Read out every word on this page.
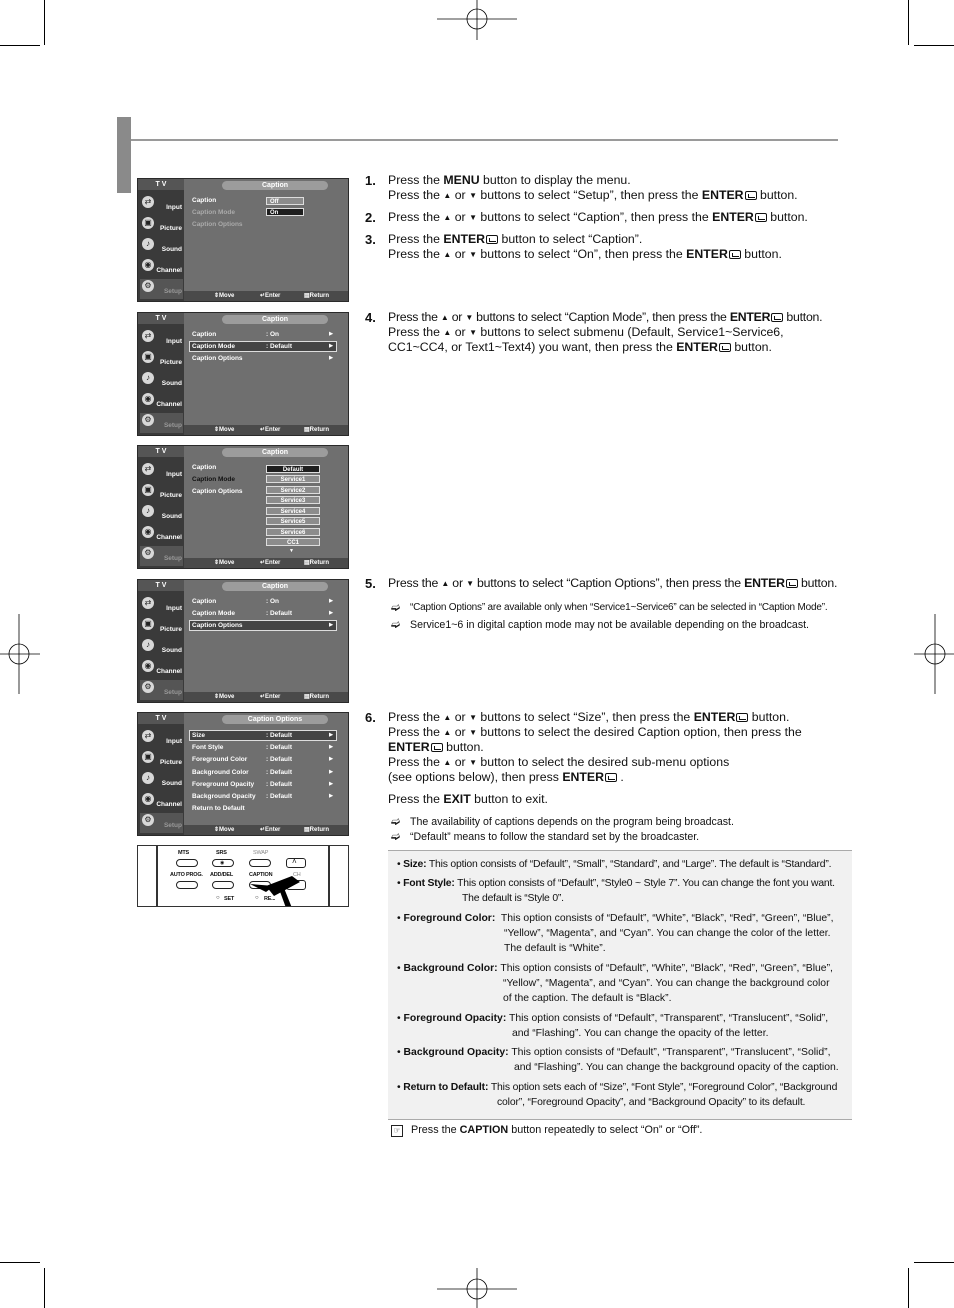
T V	Caption
⇄
Input
▣
Picture
♪
Sound
◉
Channel
⚙
Setup
Caption
Caption Mode
Caption Options
Off
On
⇕Move	↵Enter	▤Return
T V	Caption
⇄
Input
▣
Picture
♪
Sound
◉
Channel
⚙
Setup
Caption	: On	▶
Caption Mode	: Default	▶
Caption Options	▶
⇕Move	↵Enter	▤Return
T V	Caption
⇄
Input
▣
Picture
♪
Sound
◉
Channel
⚙
Setup
Caption
Caption Mode
Caption Options
Default
Service1
Service2
Service3
Service4
Service5
Service6
CC1
▼
⇕Move	↵Enter	▤Return
T V	Caption
⇄
Input
▣
Picture
♪
Sound
◉
Channel
⚙
Setup
Caption	: On	▶
Caption Mode	: Default	▶
Caption Options	▶
⇕Move	↵Enter	▤Return
T V	Caption Options
⇄
Input
▣
Picture
♪
Sound
◉
Channel
⚙
Setup
Size	: Default	▶
Font Style	: Default	▶
Foreground Color	: Default	▶
Background Color	: Default	▶
Foreground Opacity : Default	▶
Background Opacity : Default	▶
Return to Default
⇕Move	↵Enter	▤Return
MTS	SRS	SWAP
◉	˄
AUTO PROG. ADD/DEL	CAPTION	CH
○ SET	○ RE...
1. Press the MENU button to display the menu.
Press the ▲ or ▼ buttons to select “Setup”, then press the ENTER button.
2. Press the ▲ or ▼ buttons to select “Caption”, then press the ENTER button.
3. Press the ENTER button to select “Caption”.
Press the ▲ or ▼ buttons to select “On”, then press the ENTER button.
4. Press the ▲ or ▼ buttons to select “Caption Mode”, then press the ENTER button.
Press the ▲ or ▼ buttons to select submenu (Default, Service1~Service6,
CC1~CC4, or Text1~Text4) you want, then press the ENTER button.
5. Press the ▲ or ▼ buttons to select “Caption Options”, then press the ENTER button.
➫ “Caption Options” are available only when “Service1~Service6” can be selected in “Caption Mode”.
➫ Service1~6 in digital caption mode may not be available depending on the broadcast.
6. Press the ▲ or ▼ buttons to select “Size”, then press the ENTER button.
Press the ▲ or ▼ buttons to select the desired Caption option, then press the
ENTER button.
Press the ▲ or ▼ button to select the desired sub-menu options
(see options below), then press ENTER .
Press the EXIT button to exit.
➫ The availability of captions depends on the program being broadcast.
➫ “Default” means to follow the standard set by the broadcaster.
• Size: This option consists of “Default”, “Small”, “Standard”, and “Large”. The default is “Standard”.
• Font Style: This option consists of “Default”, “Style0 ~ Style 7”. You can change the font you want.
The default is “Style 0”.
• Foreground Color: This option consists of “Default”, “White”, “Black”, “Red”, “Green”, “Blue”,
“Yellow”, “Magenta”, and “Cyan”. You can change the color of the letter.
The default is “White”.
• Background Color: This option consists of “Default”, “White”, “Black”, “Red”, “Green”, “Blue”,
“Yellow”, “Magenta”, and “Cyan”. You can change the background color
of the caption. The default is “Black”.
• Foreground Opacity: This option consists of “Default”, “Transparent”, “Translucent”, “Solid”,
and “Flashing”. You can change the opacity of the letter.
• Background Opacity: This option consists of “Default”, “Transparent”, “Translucent”, “Solid”,
and “Flashing”. You can change the background opacity of the caption.
• Return to Default: This option sets each of “Size”, “Font Style”, “Foreground Color”, “Background
color”, “Foreground Opacity”, and “Background Opacity” to its default.
☞ Press the CAPTION button repeatedly to select “On” or “Off”.
